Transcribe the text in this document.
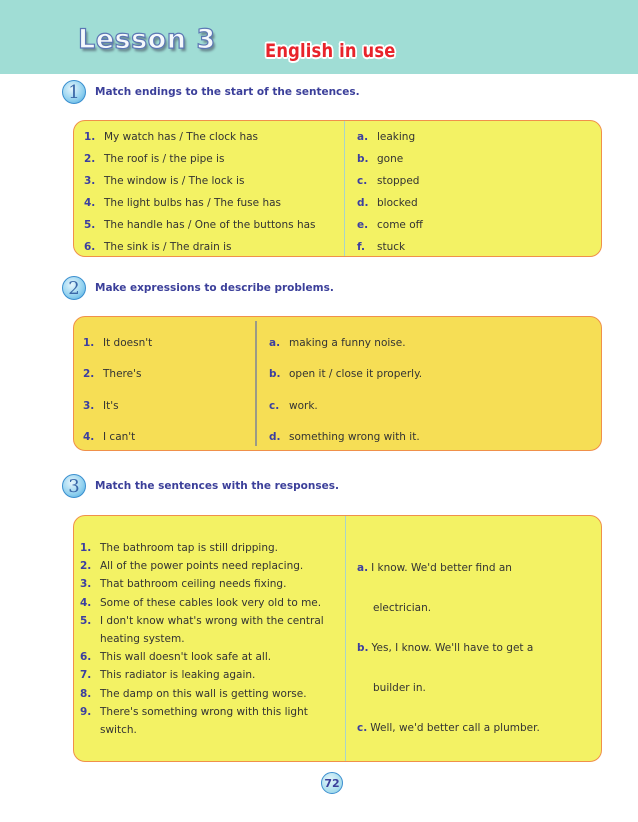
Lesson 3	English in use
1	Match endings to the start of the sentences.
1. My watch has / The clock has
2. The roof is / the pipe is
3. The window is / The lock is
4. The light bulbs has / The fuse has
5. The handle has / One of the buttons has
6. The sink is / The drain is
a. leaking
b. gone
c. stopped
d. blocked
e. come off
f.	stuck
2	Make expressions to describe problems.
1. It doesn't
2. There's
3. It's
4. I can't
a. making a funny noise.
b. open it / close it properly.
c. work.
d. something wrong with it.
3	Match the sentences with the responses.
1. The bathroom tap is still dripping.
2. All of the power points need replacing.
3. That bathroom ceiling needs fixing.
4. Some of these cables look very old to me.
5. I don't know what's wrong with the central
heating system.
6. This wall doesn't look safe at all.
7. This radiator is leaking again.
8. The damp on this wall is getting worse.
9. There's something wrong with this light
switch.
a. I know. We'd better find an
electrician.
b. Yes, I know. We'll have to get a
builder in.
c. Well, we'd better call a plumber.
72
